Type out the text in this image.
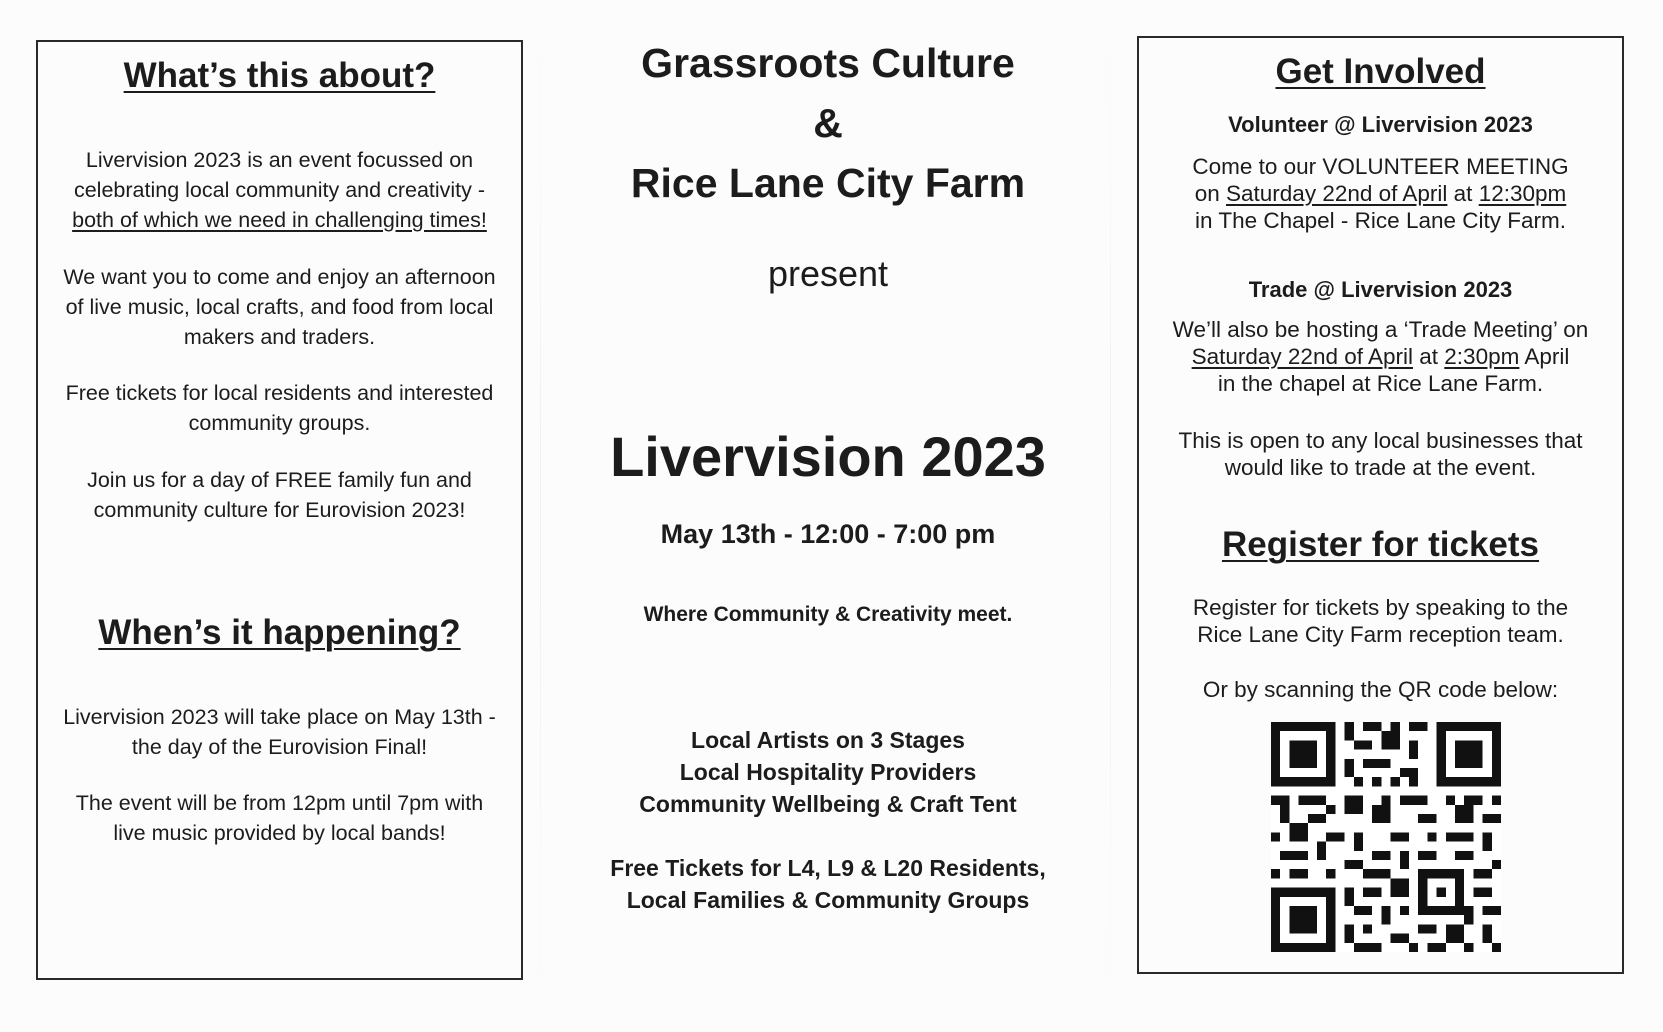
What’s this about?

Livervision 2023 is an event focussed on

celebrating local community and creativity -

both of which we need in challenging times!

We want you to come and enjoy an afternoon

of live music, local crafts, and food from local

makers and traders.

Free tickets for local residents and interested

community groups.

Join us for a day of FREE family fun and

community culture for Eurovision 2023!

When’s it happening?

Livervision 2023 will take place on May 13th -

the day of the Eurovision Final!

The event will be from 12pm until 7pm with

live music provided by local bands!

Grassroots Culture

&

Rice Lane City Farm

present

Livervision 2023

May 13th - 12:00 - 7:00 pm

Where Community & Creativity meet.

Local Artists on 3 Stages

Local Hospitality Providers

Community Wellbeing & Craft Tent

Free Tickets for L4, L9 & L20 Residents,

Local Families & Community Groups

Get Involved

Volunteer @ Livervision 2023

Come to our VOLUNTEER MEETING

on Saturday 22nd of April at 12:30pm

in The Chapel - Rice Lane City Farm.

Trade @ Livervision 2023

We’ll also be hosting a ‘Trade Meeting’ on

Saturday 22nd of April at 2:30pm April

in the chapel at Rice Lane Farm.

This is open to any local businesses that

would like to trade at the event.

Register for tickets

Register for tickets by speaking to the

Rice Lane City Farm reception team.

Or by scanning the QR code below:
